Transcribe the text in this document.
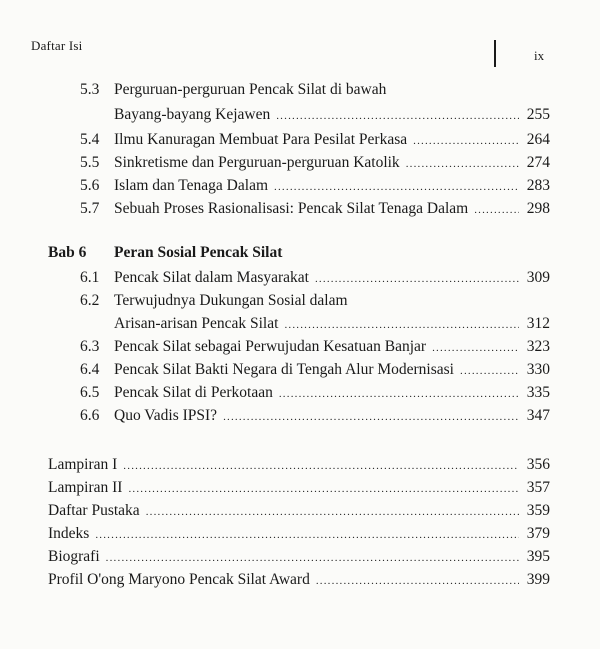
Daftar Isi
ix
5.3 Perguruan-perguruan Pencak Silat di bawah
Bayang-bayang Kejawen .....	255
5.4 Ilmu Kanuragan Membuat Para Pesilat Perkasa .....	264
5.5 Sinkretisme dan Perguruan-perguruan Katolik .....	274
5.6 Islam dan Tenaga Dalam .....	283
5.7 Sebuah Proses Rasionalisasi: Pencak Silat Tenaga Dalam .....	298
Bab 6	Peran Sosial Pencak Silat
6.1 Pencak Silat dalam Masyarakat .....	309
6.2 Terwujudnya Dukungan Sosial dalam
Arisan-arisan Pencak Silat .....	312
6.3 Pencak Silat sebagai Perwujudan Kesatuan Banjar .....	323
6.4 Pencak Silat Bakti Negara di Tengah Alur Modernisasi .....	330
6.5 Pencak Silat di Perkotaan .....	335
6.6 Quo Vadis IPSI? .....	347
Lampiran I .....	356
Lampiran II .....	357
Daftar Pustaka .....	359
Indeks .....	379
Biografi .....	395
Profil O'ong Maryono Pencak Silat Award .....	399
